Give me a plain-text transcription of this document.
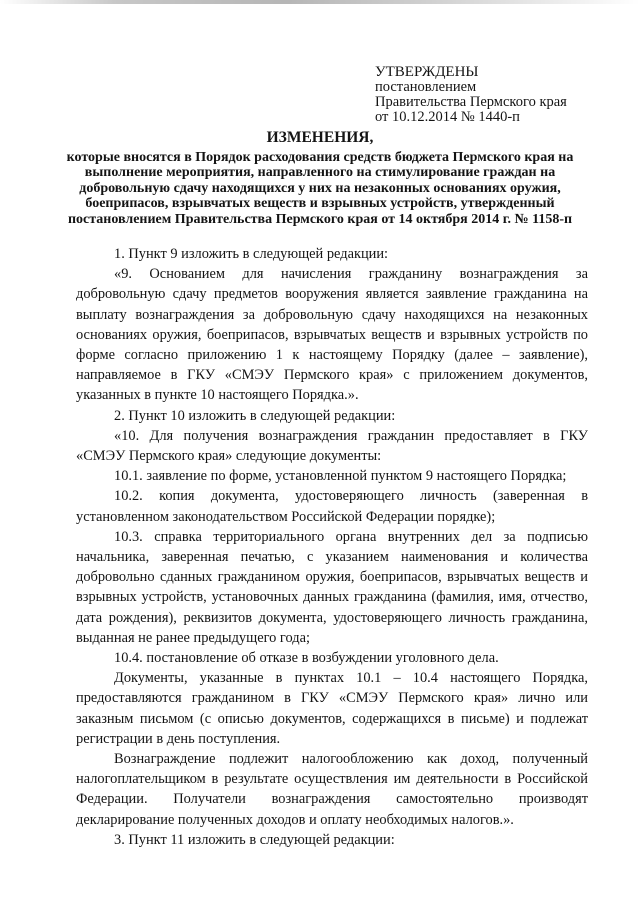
УТВЕРЖДЕНЫ
постановлением
Правительства Пермского края
от 10.12.2014 № 1440-п
ИЗМЕНЕНИЯ,
которые вносятся в Порядок расходования средств бюджета Пермского края на выполнение мероприятия, направленного на стимулирование граждан на добровольную сдачу находящихся у них на незаконных основаниях оружия, боеприпасов, взрывчатых веществ и взрывных устройств, утвержденный постановлением Правительства Пермского края от 14 октября 2014 г. № 1158-п

1. Пункт 9 изложить в следующей редакции:

«9. Основанием для начисления гражданину вознаграждения за добровольную сдачу предметов вооружения является заявление гражданина на выплату вознаграждения за добровольную сдачу находящихся на незаконных основаниях оружия, боеприпасов, взрывчатых веществ и взрывных устройств по форме согласно приложению 1 к настоящему Порядку (далее – заявление), направляемое в ГКУ «СМЭУ Пермского края» с приложением документов, указанных в пункте 10 настоящего Порядка.».

2. Пункт 10 изложить в следующей редакции:

«10. Для получения вознаграждения гражданин предоставляет в ГКУ «СМЭУ Пермского края» следующие документы:

10.1. заявление по форме, установленной пунктом 9 настоящего Порядка;

10.2. копия документа, удостоверяющего личность (заверенная в установленном законодательством Российской Федерации порядке);

10.3. справка территориального органа внутренних дел за подписью начальника, заверенная печатью, с указанием наименования и количества добровольно сданных гражданином оружия, боеприпасов, взрывчатых веществ и взрывных устройств, установочных данных гражданина (фамилия, имя, отчество, дата рождения), реквизитов документа, удостоверяющего личность гражданина, выданная не ранее предыдущего года;

10.4. постановление об отказе в возбуждении уголовного дела.

Документы, указанные в пунктах 10.1 – 10.4 настоящего Порядка, предоставляются гражданином в ГКУ «СМЭУ Пермского края» лично или заказным письмом (с описью документов, содержащихся в письме) и подлежат регистрации в день поступления.

Вознаграждение подлежит налогообложению как доход, полученный налогоплательщиком в результате осуществления им деятельности в Российской Федерации. Получатели вознаграждения самостоятельно производят декларирование полученных доходов и оплату необходимых налогов.».

3. Пункт 11 изложить в следующей редакции:
